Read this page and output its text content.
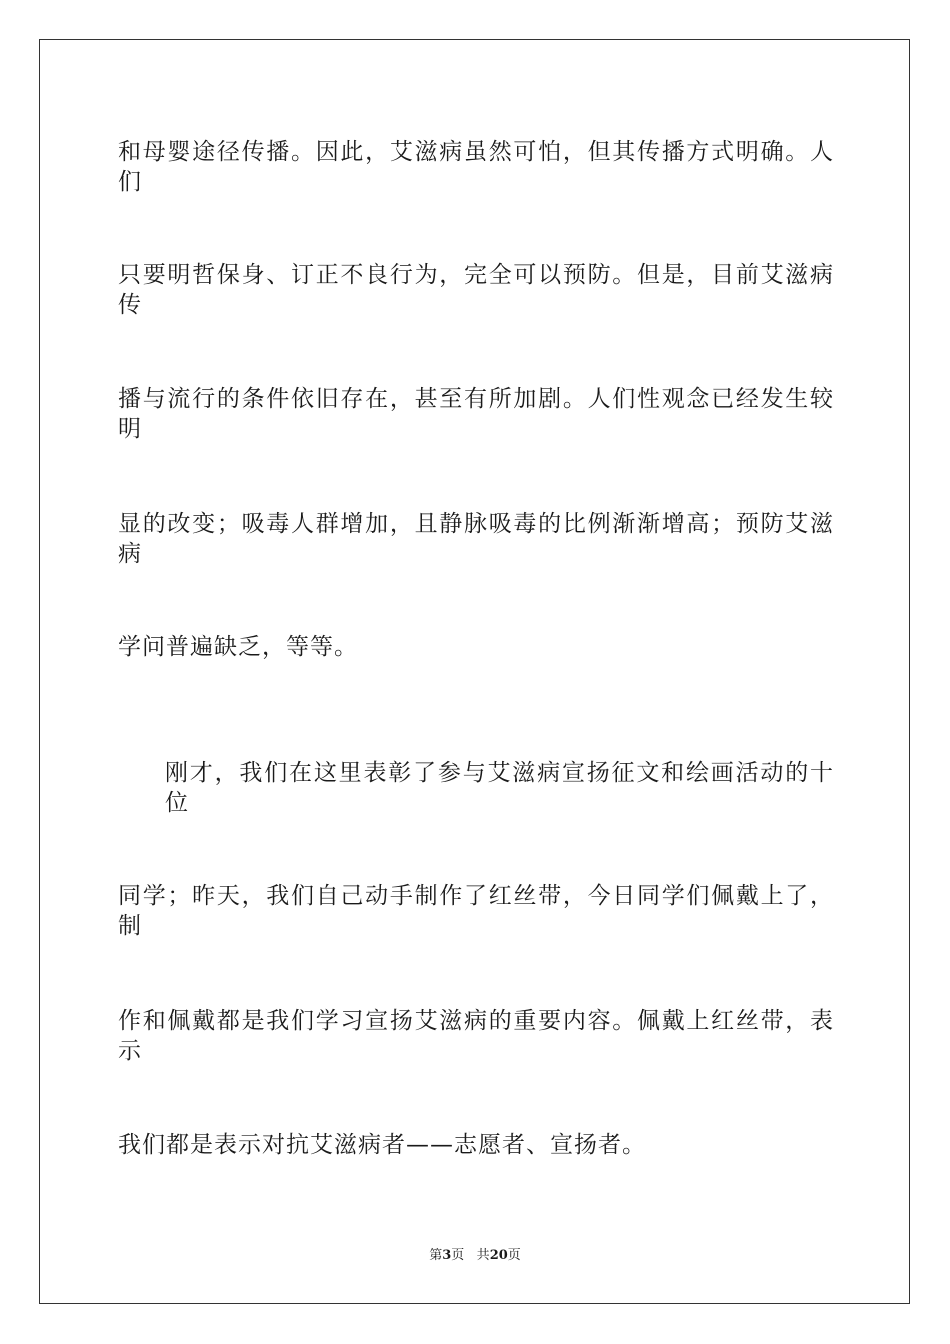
和母婴途径传播。因此，艾滋病虽然可怕，但其传播方式明确。人们
只要明哲保身、订正不良行为，完全可以预防。但是，目前艾滋病传
播与流行的条件依旧存在，甚至有所加剧。人们性观念已经发生较明
显的改变；吸毒人群增加，且静脉吸毒的比例渐渐增高；预防艾滋病
学问普遍缺乏，等等。
刚才，我们在这里表彰了参与艾滋病宣扬征文和绘画活动的十位
同学；昨天，我们自己动手制作了红丝带，今日同学们佩戴上了，制
作和佩戴都是我们学习宣扬艾滋病的重要内容。佩戴上红丝带，表示
我们都是表示对抗艾滋病者——志愿者、宣扬者。
第3页 共20页
